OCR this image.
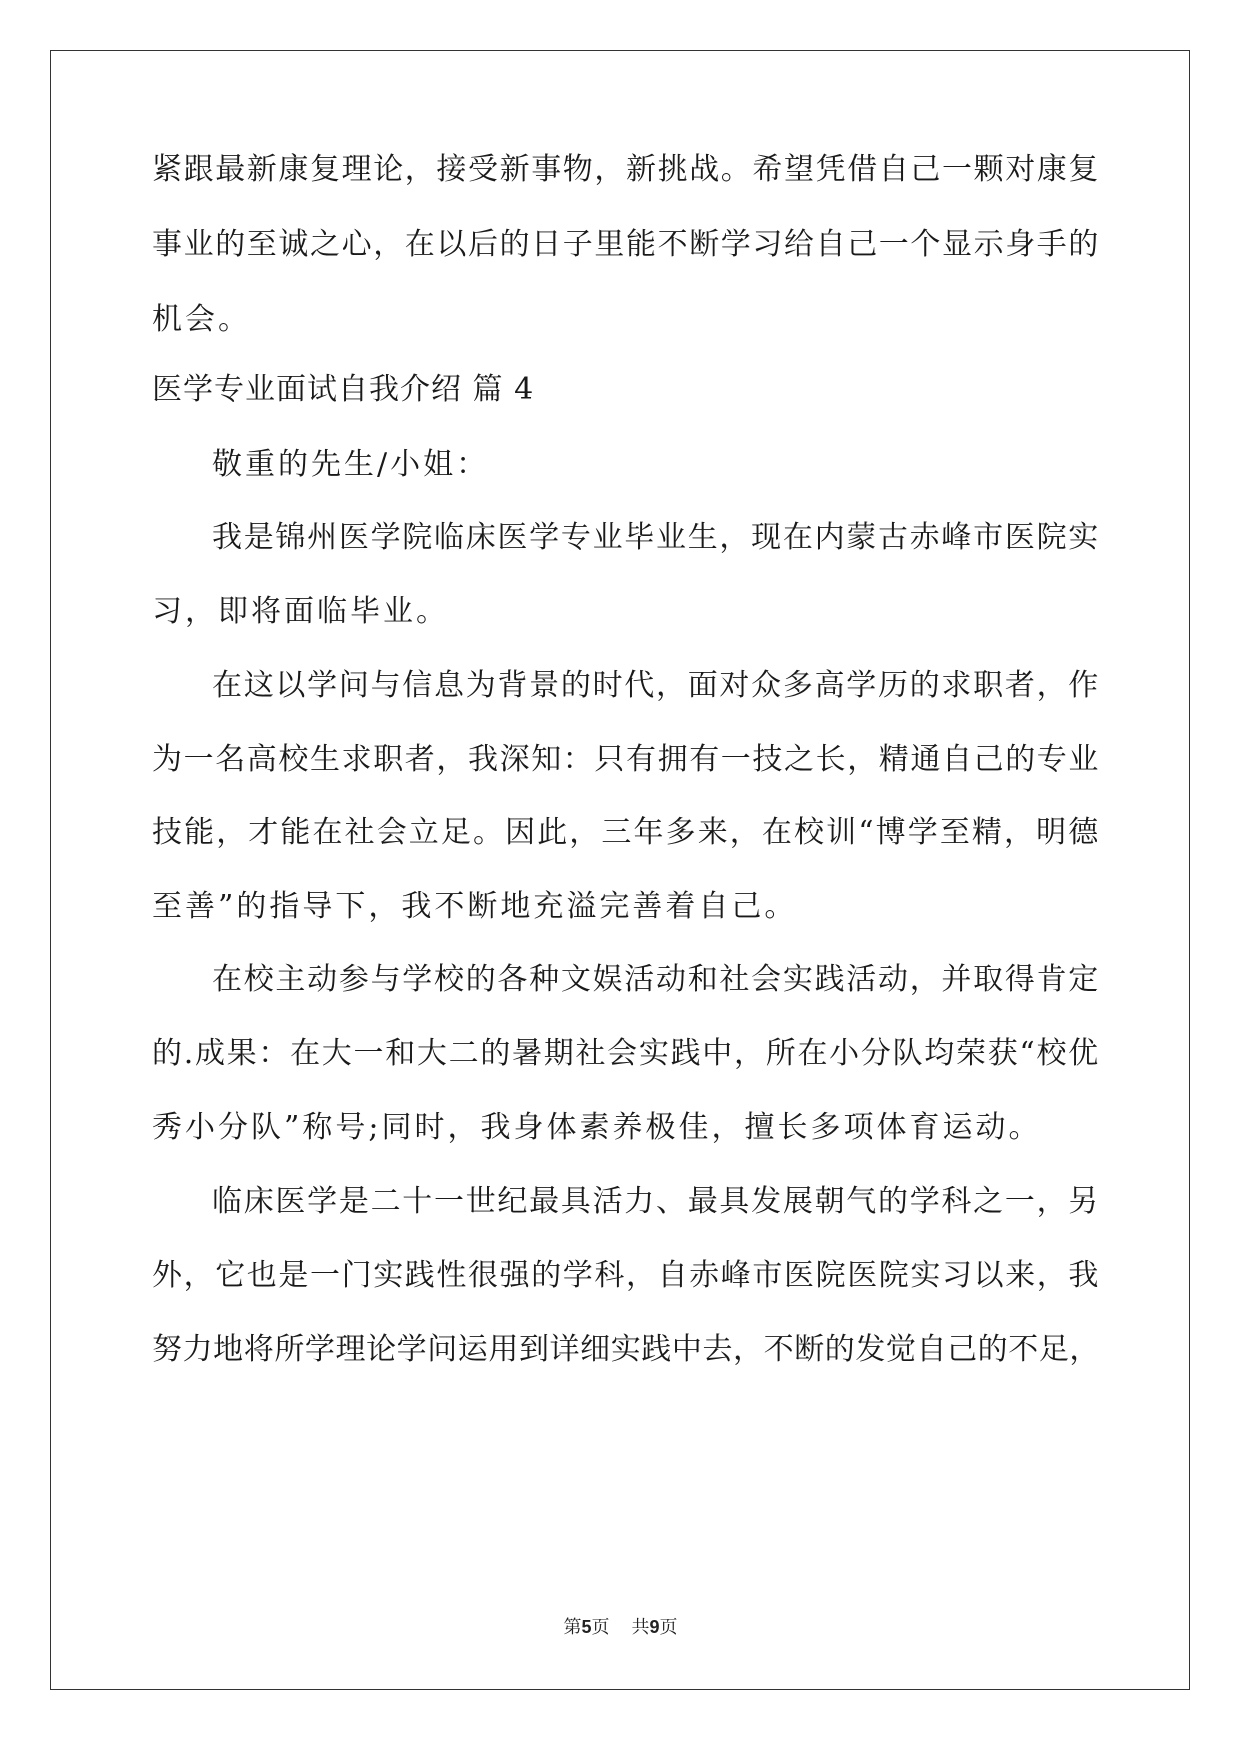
紧跟最新康复理论，接受新事物，新挑战。希望凭借自己一颗对康复
事业的至诚之心，在以后的日子里能不断学习给自己一个显示身手的
机会。
医学专业面试自我介绍 篇 4
敬重的先生/小姐：
我是锦州医学院临床医学专业毕业生，现在内蒙古赤峰市医院实
习，即将面临毕业。
在这以学问与信息为背景的时代，面对众多高学历的求职者，作
为一名高校生求职者，我深知：只有拥有一技之长，精通自己的专业
技能，才能在社会立足。因此，三年多来，在校训“博学至精，明德
至善”的指导下，我不断地充溢完善着自己。
在校主动参与学校的各种文娱活动和社会实践活动，并取得肯定
的.成果：在大一和大二的暑期社会实践中，所在小分队均荣获“校优
秀小分队”称号;同时，我身体素养极佳，擅长多项体育运动。
临床医学是二十一世纪最具活力、最具发展朝气的学科之一，另
外，它也是一门实践性很强的学科，自赤峰市医院医院实习以来，我
努力地将所学理论学问运用到详细实践中去，不断的发觉自己的不足，
第5页 共9页
